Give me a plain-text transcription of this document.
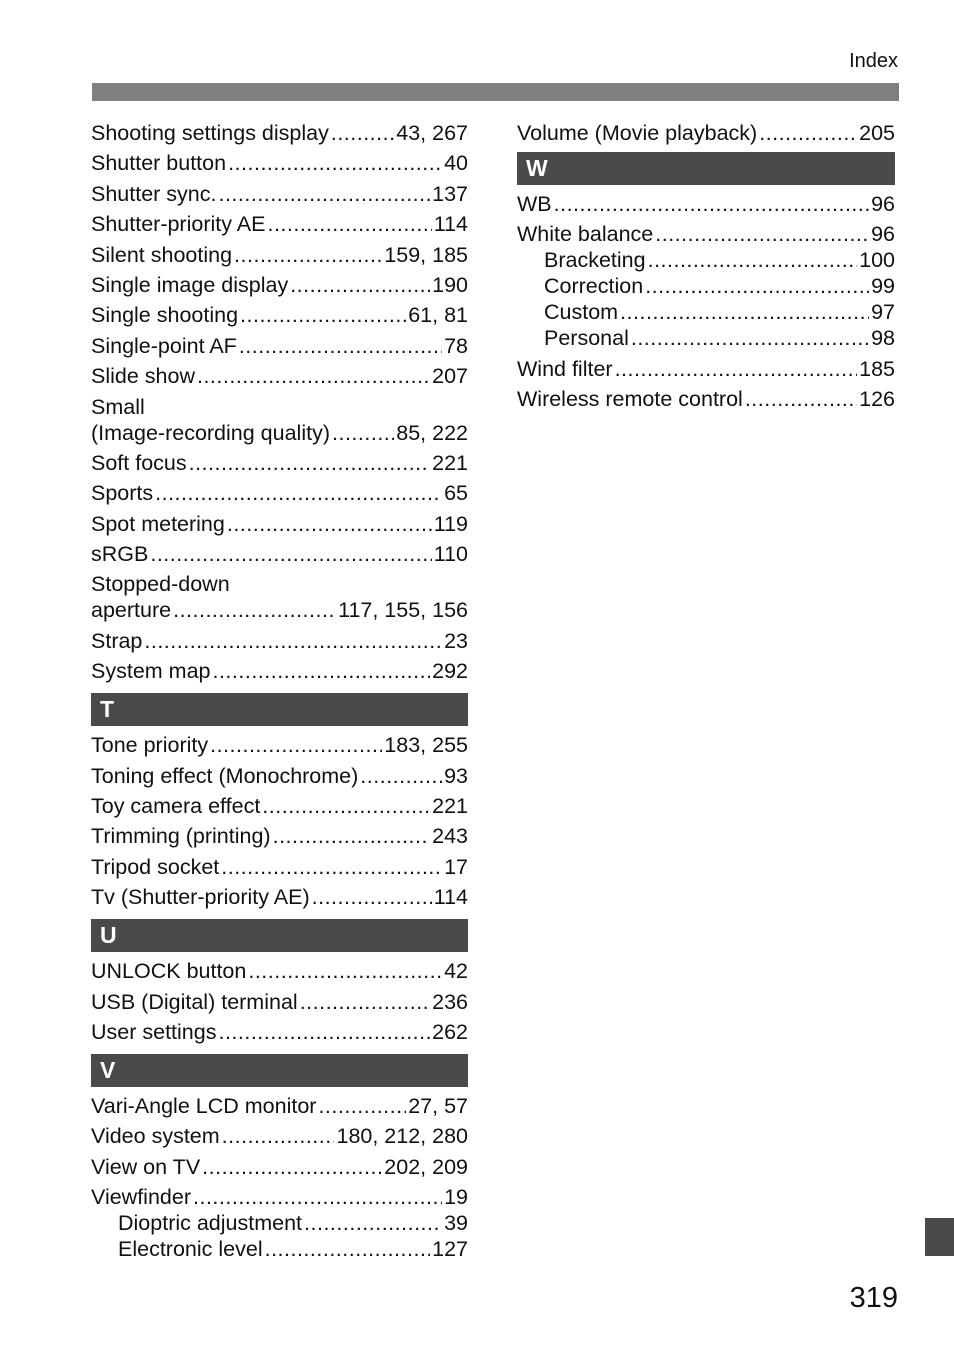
Index
Shooting settings display .....	43, 267
Shutter button .....	40
Shutter sync. .....	137
Shutter-priority AE .....	114
Silent shooting .....	159, 185
Single image display .....	190
Single shooting .....	61, 81
Single-point AF .....	78
Slide show .....	207
Small
(Image-recording quality) .....	85, 222
Soft focus .....	221
Sports .....	65
Spot metering .....	119
sRGB .....	110
Stopped-down
aperture .....	117, 155, 156
Strap .....	23
System map .....	292
T
Tone priority .....	183, 255
Toning effect (Monochrome) .....	93
Toy camera effect .....	221
Trimming (printing) .....	243
Tripod socket .....	17
Tv (Shutter-priority AE) .....	114
U
UNLOCK button .....	42
USB (Digital) terminal .....	236
User settings .....	262
V
Vari-Angle LCD monitor .....	27, 57
Video system .....	180, 212, 280
View on TV .....	202, 209
Viewfinder .....	19
Dioptric adjustment .....	39
Electronic level .....	127
Volume (Movie playback) .....	205
W
WB .....	96
White balance .....	96
Bracketing .....	100
Correction .....	99
Custom .....	97
Personal .....	98
Wind filter .....	185
Wireless remote control .....	126
319
